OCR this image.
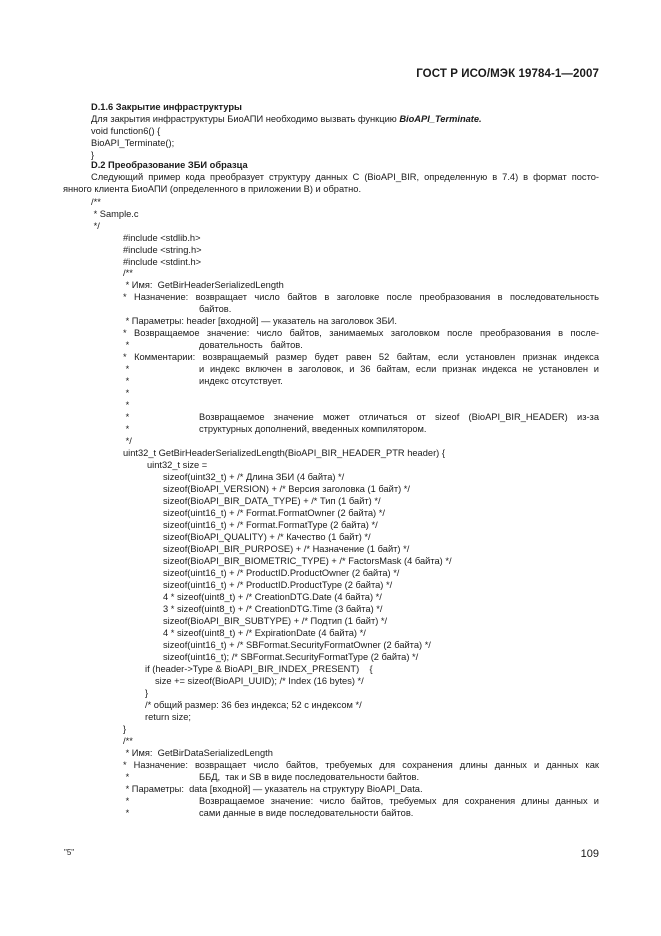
ГОСТ Р ИСО/МЭК 19784-1—2007
D.1.6 Закрытие инфраструктуры
Для закрытия инфраструктуры БиоАПИ необходимо вызвать функцию BioAPI_Terminate.
void function6() {
BioAPI_Terminate();
}
D.2 Преобразование ЗБИ образца
Следующий пример кода преобразует структуру данных C (BioAPI_BIR, определенную в 7.4) в формат посто-
янного клиента БиоАПИ (определенного в приложении В) и обратно.
/**
* Sample.c
*/
#include <stdlib.h>
#include <string.h>
#include <stdint.h>
/**
* Имя:  GetBirHeaderSerializedLength
* Назначение: возвращает число байтов в заголовке после преобразования в последовательность
байтов.
* Параметры: header [входной] — указатель на заголовок ЗБИ.
* Возвращаемое значение: число байтов, занимаемых заголовком после преобразования в после-
*	довательность   байтов.
* Комментарии: возвращаемый размер будет равен 52 байтам, если установлен признак индекса
*	и индекс включен в заголовок, и 36 байтам, если признак индекса не установлен и
*	индекс отсутствует.
*
*
*	Возвращаемое значение может отличаться от sizeof (BioAPI_BIR_HEADER) из-за
*	структурных дополнений, введенных компилятором.
*/
uint32_t GetBirHeaderSerializedLength(BioAPI_BIR_HEADER_PTR header) {
uint32_t size =
sizeof(uint32_t) + /* Длина ЗБИ (4 байта) */
sizeof(BioAPI_VERSION) + /* Версия заголовка (1 байт) */
sizeof(BioAPI_BIR_DATA_TYPE) + /* Тип (1 байт) */
sizeof(uint16_t) + /* Format.FormatOwner (2 байта) */
sizeof(uint16_t) + /* Format.FormatType (2 байта) */
sizeof(BioAPI_QUALITY) + /* Качество (1 байт) */
sizeof(BioAPI_BIR_PURPOSE) + /* Назначение (1 байт) */
sizeof(BioAPI_BIR_BIOMETRIC_TYPE) + /* FactorsMask (4 байта) */
sizeof(uint16_t) + /* ProductID.ProductOwner (2 байта) */
sizeof(uint16_t) + /* ProductID.ProductType (2 байта) */
4 * sizeof(uint8_t) + /* CreationDTG.Date (4 байта) */
3 * sizeof(uint8_t) + /* CreationDTG.Time (3 байта) */
sizeof(BioAPI_BIR_SUBTYPE) + /* Подтип (1 байт) */
4 * sizeof(uint8_t) + /* ExpirationDate (4 байта) */
sizeof(uint16_t) + /* SBFormat.SecurityFormatOwner (2 байта) */
sizeof(uint16_t); /* SBFormat.SecurityFormatType (2 байта) */
if (header->Type & BioAPI_BIR_INDEX_PRESENT)    {
size += sizeof(BioAPI_UUID); /* Index (16 bytes) */
}
/* общий размер: 36 без индекса; 52 с индексом */
return size;
}
/**
* Имя:  GetBirDataSerializedLength
* Назначение: возвращает число байтов, требуемых для сохранения длины данных и данных как
*	ББД,  так и SB в виде последовательности байтов.
* Параметры:  data [входной] — указатель на структуру BioAPI_Data.
*	Возвращаемое значение: число байтов, требуемых для сохранения длины данных и
*	сами данные в виде последовательности байтов.
"5"	109
